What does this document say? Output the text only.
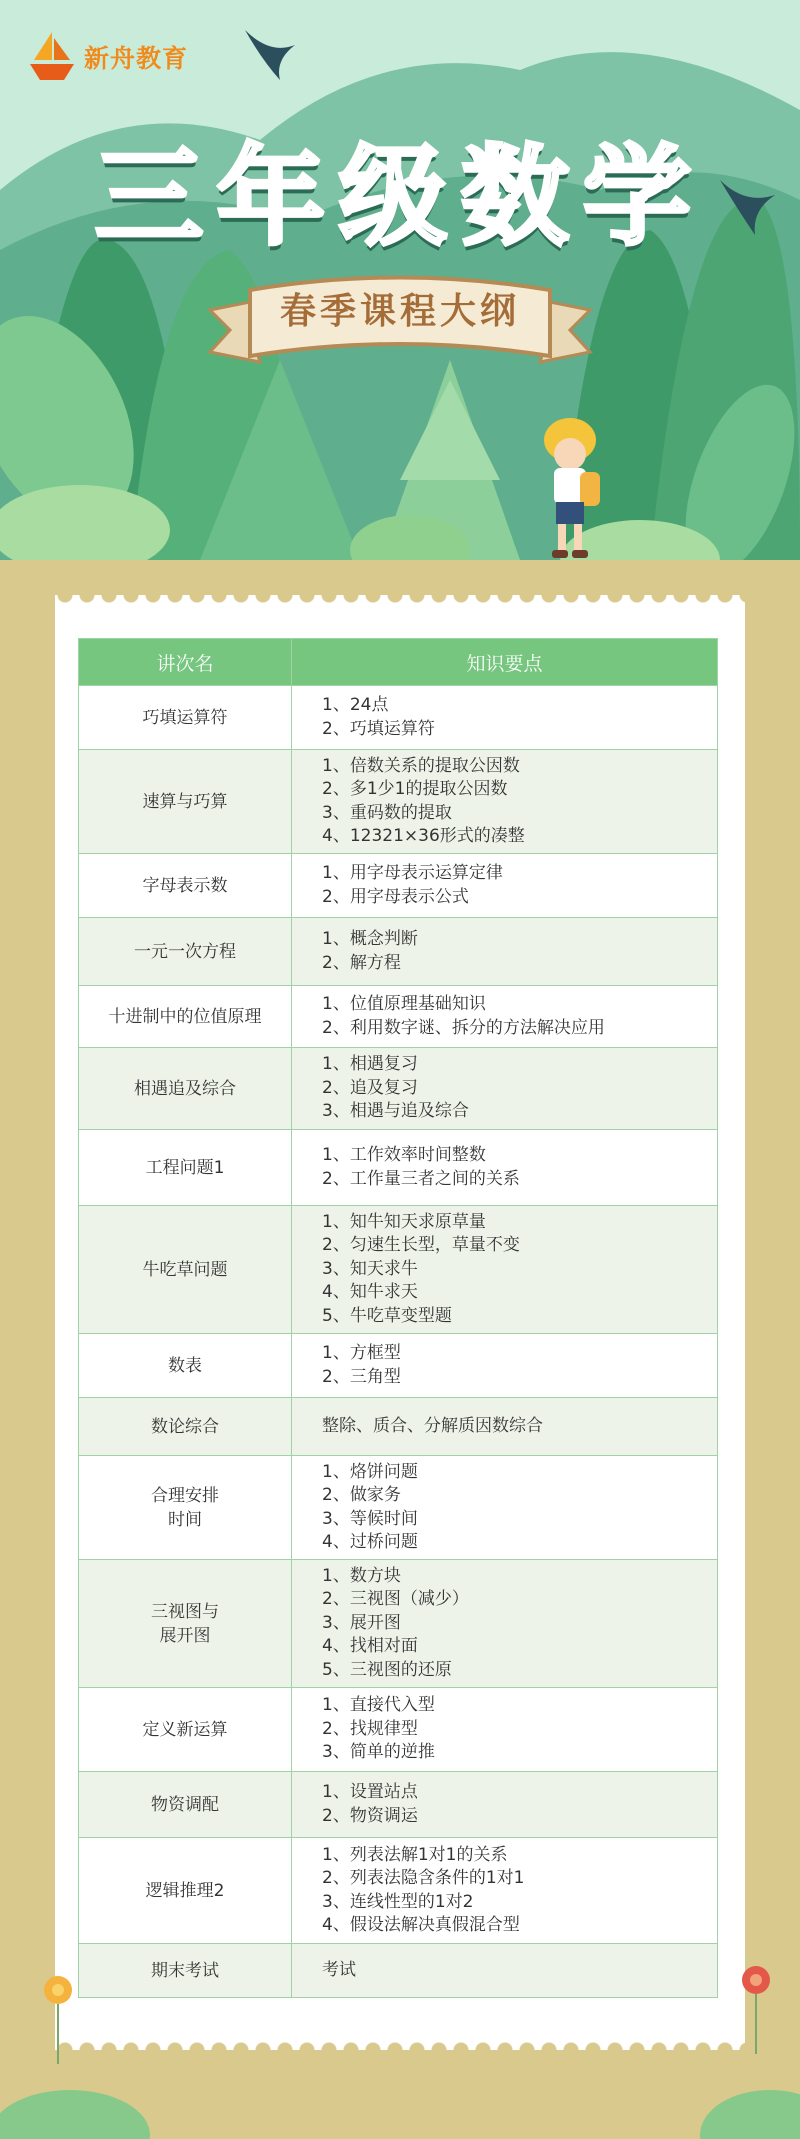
新舟教育
三年级数学
春季课程大纲
讲次名	知识要点
巧填运算符	1、24点
2、巧填运算符

速算与巧算	1、倍数关系的提取公因数
2、多1少1的提取公因数
3、重码数的提取
4、12321×36形式的凑整

字母表示数	1、用字母表示运算定律
2、用字母表示公式

一元一次方程	1、概念判断
2、解方程

十进制中的位值原理	1、位值原理基础知识
2、利用数字谜、拆分的方法解决应用

相遇追及综合	1、相遇复习
2、追及复习
3、相遇与追及综合

工程问题1	1、工作效率时间整数
2、工作量三者之间的关系

牛吃草问题	1、知牛知天求原草量
2、匀速生长型，草量不变
3、知天求牛
4、知牛求天
5、牛吃草变型题

数表	1、方框型
2、三角型

数论综合	整除、质合、分解质因数综合

合理安排
时间	1、烙饼问题
2、做家务
3、等候时间
4、过桥问题

三视图与
展开图	1、数方块
2、三视图（减少）
3、展开图
4、找相对面
5、三视图的还原

定义新运算	1、直接代入型
2、找规律型
3、简单的逆推

物资调配	1、设置站点
2、物资调运

逻辑推理2	1、列表法解1对1的关系
2、列表法隐含条件的1对1
3、连线性型的1对2
4、假设法解决真假混合型

期末考试	考试
